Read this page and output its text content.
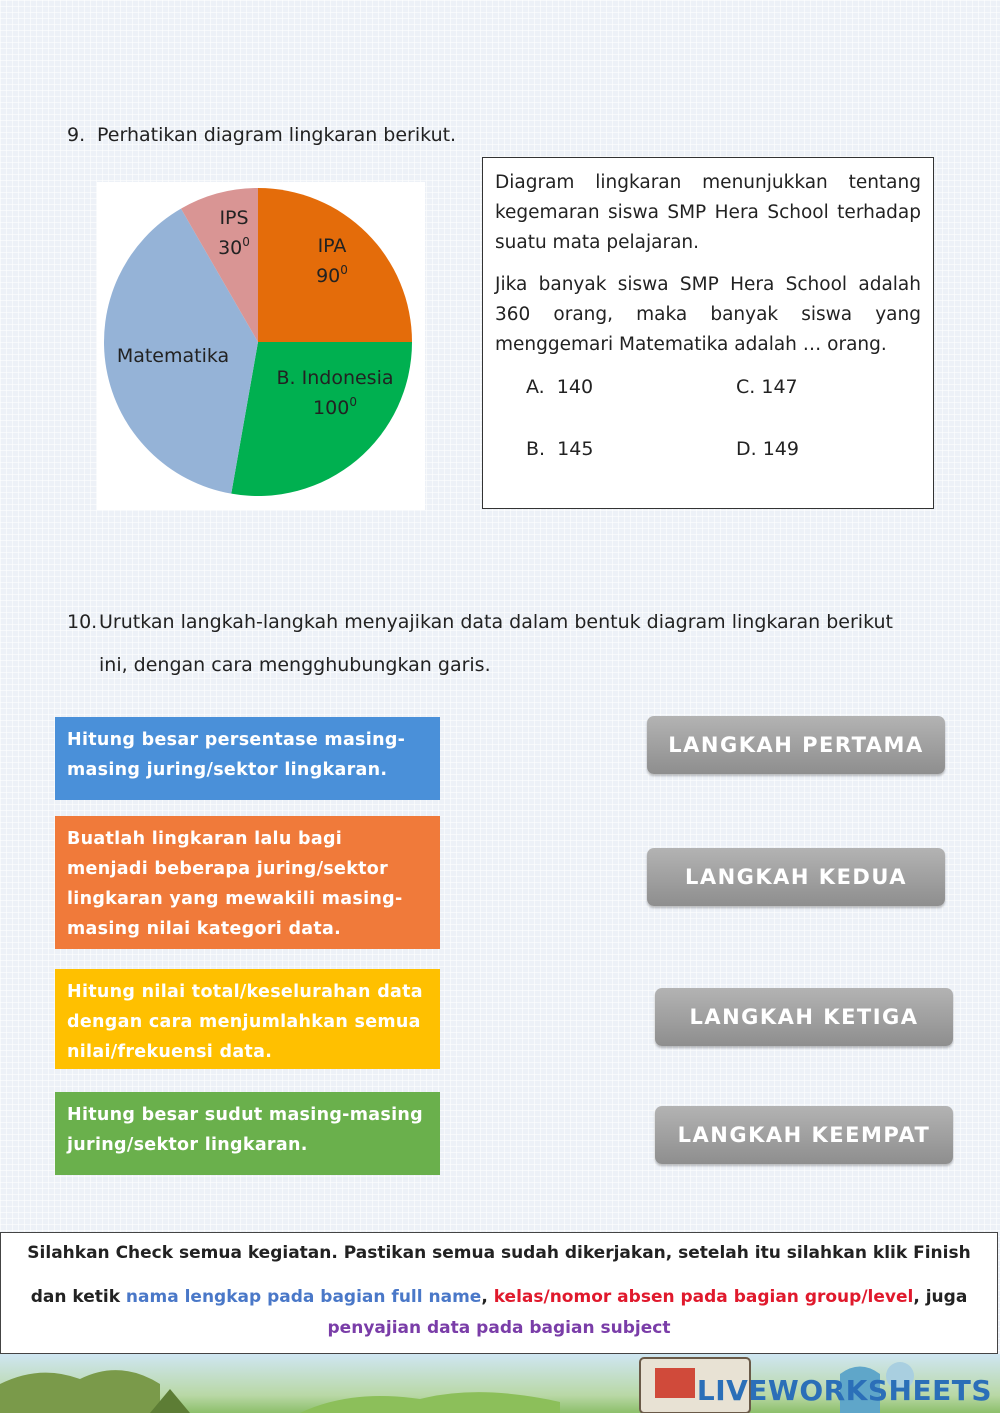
9. Perhatikan diagram lingkaran berikut.
IPA
$90^0$
B. Indonesia
$100^0$
Matematika
IPS
$30^0$

Diagram lingkaran menunjukkan tentang kegemaran siswa SMP Hera School terhadap suatu mata pelajaran.

Jika banyak siswa SMP Hera School adalah 360 orang, maka banyak siswa yang menggemari Matematika adalah … orang.

A. 140	C. 147
B. 145	D. 149
10. Urutkan langkah-langkah menyajikan data dalam bentuk diagram lingkaran berikut
ini, dengan cara mengghubungkan garis.
Hitung besar persentase masing-masing juring/sektor lingkaran.
Buatlah lingkaran lalu bagi menjadi beberapa juring/sektor lingkaran yang mewakili masing-masing nilai kategori data.
Hitung nilai total/keselurahan data dengan cara menjumlahkan semua nilai/frekuensi data.
Hitung besar sudut masing-masing juring/sektor lingkaran.
LANGKAH PERTAMA
LANGKAH KEDUA
LANGKAH KETIGA
LANGKAH KEEMPAT
Silahkan Check semua kegiatan. Pastikan semua sudah dikerjakan, setelah itu silahkan klik Finish
dan ketik nama lengkap pada bagian full name, kelas/nomor absen pada bagian group/level, juga
penyajian data pada bagian subject
LIVEWORKSHEETS
